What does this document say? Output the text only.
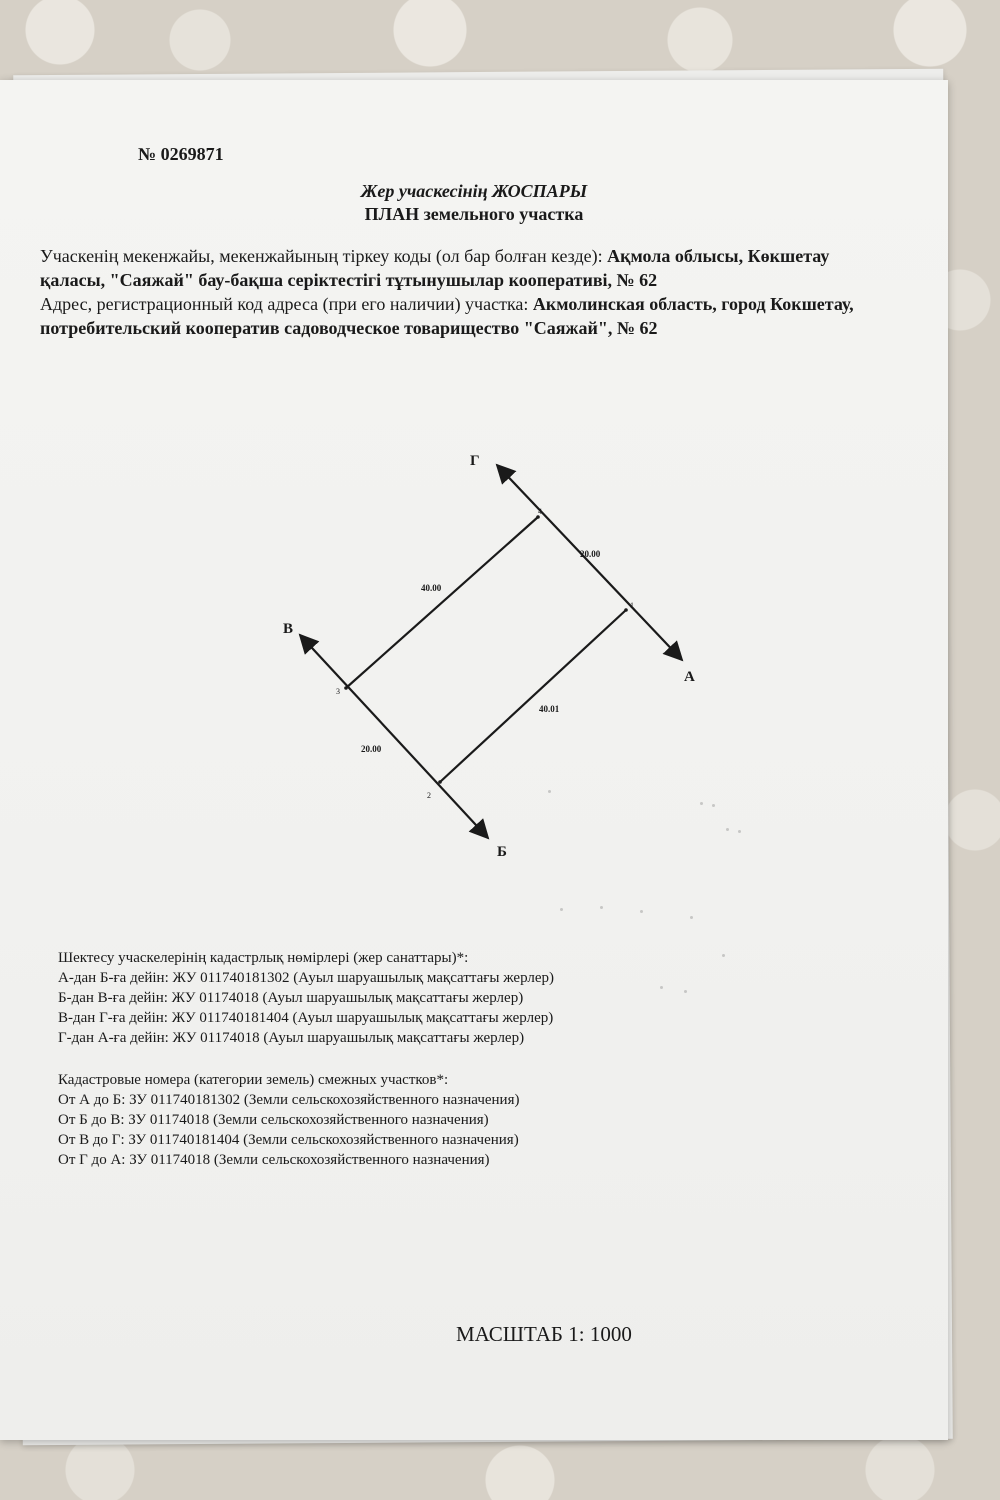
№ 0269871

Жер учаскесінің ЖОСПАРЫ

ПЛАН земельного участка

Учаскенің мекенжайы, мекенжайының тіркеу коды (ол бар болған кезде): Ақмола облысы, Көкшетау қаласы, "Саяжай" бау-бақша серіктестігі тұтынушылар кооперативі, № 62

Адрес, регистрационный код адреса (при его наличии) участка: Акмолинская область, город Кокшетау, потребительский кооператив садоводческое товарищество "Саяжай", № 62

Г
А
В
Б
1
2
3
4
20.00
40.00
40.01
20.00

Шектесу учаскелерінің кадастрлық нөмірлері (жер санаттары)*:

А-дан Б-ға дейін: ЖУ 011740181302 (Ауыл шаруашылық мақсаттағы жерлер)

Б-дан В-ға дейін: ЖУ 01174018 (Ауыл шаруашылық мақсаттағы жерлер)

В-дан Г-ға дейін: ЖУ 011740181404 (Ауыл шаруашылық мақсаттағы жерлер)

Г-дан А-ға дейін: ЖУ 01174018 (Ауыл шаруашылық мақсаттағы жерлер)

Кадастровые номера (категории земель) смежных участков*:

От А до Б: ЗУ 011740181302 (Земли сельскохозяйственного назначения)

От Б до В: ЗУ 01174018 (Земли сельскохозяйственного назначения)

От В до Г: ЗУ 011740181404 (Земли сельскохозяйственного назначения)

От Г до А: ЗУ 01174018 (Земли сельскохозяйственного назначения)

МАСШТАБ 1: 1000
